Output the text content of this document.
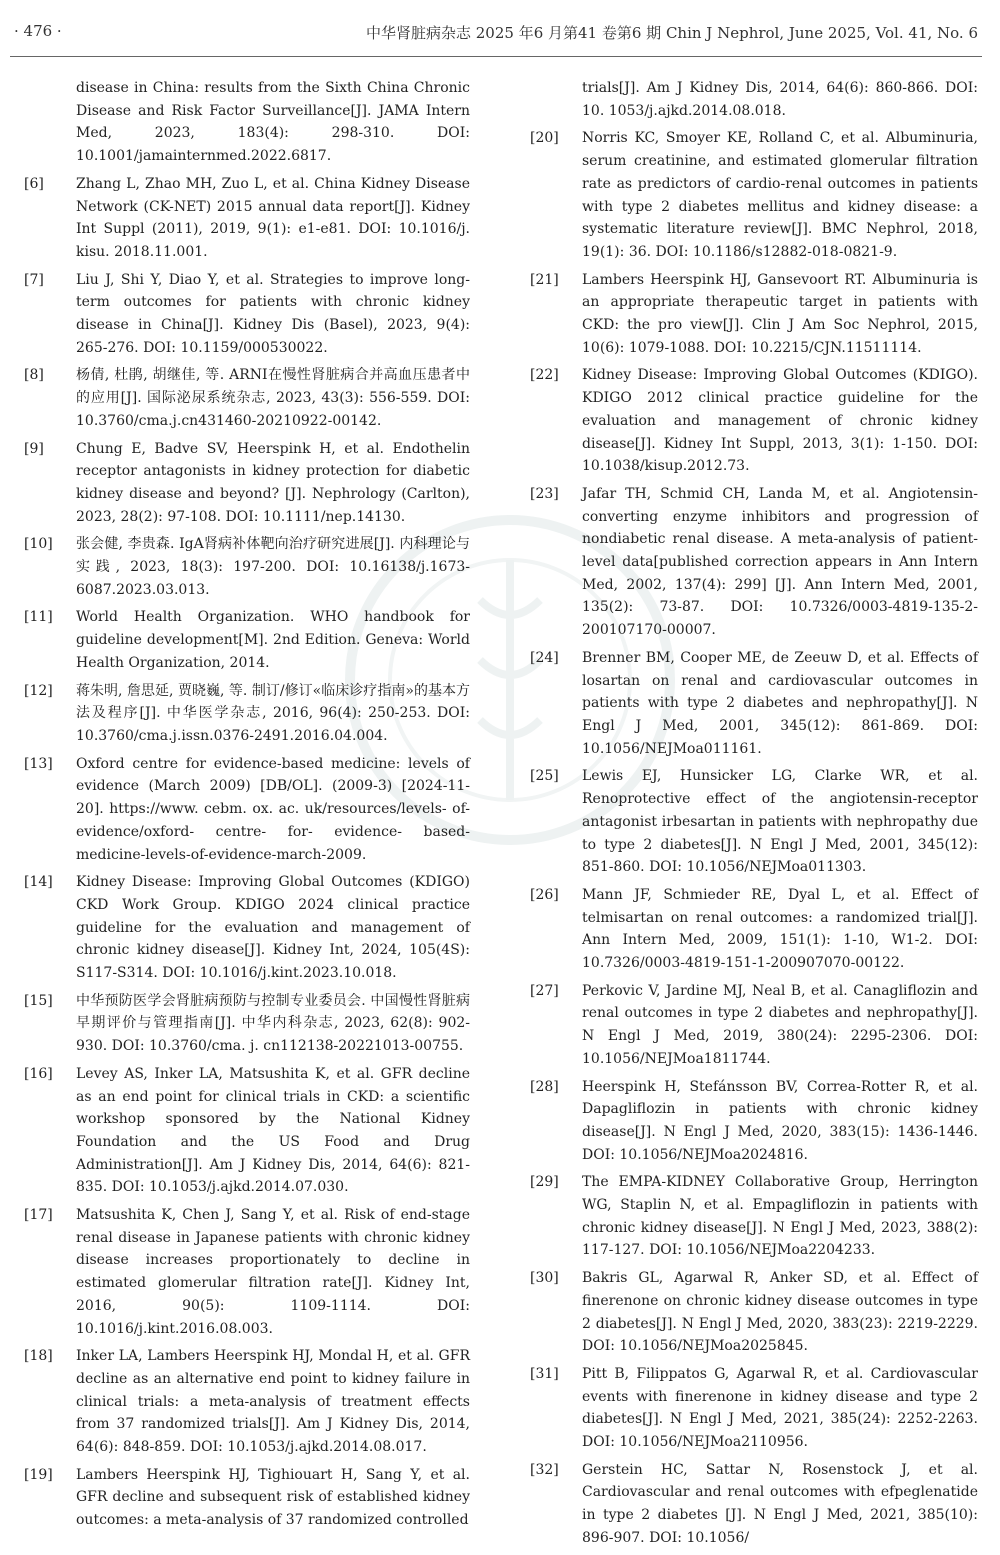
· 476 ·	中华肾脏病杂志 2025 年6 月第41 卷第6 期 Chin J Nephrol, June 2025, Vol. 41, No. 6
disease in China: results from the Sixth China Chronic Disease and Risk Factor Surveillance[J]. JAMA Intern Med, 2023, 183(4): 298-310. DOI: 10.1001/jamainternmed.2022.6817.
[6]	Zhang L, Zhao MH, Zuo L, et al. China Kidney Disease Network (CK-NET) 2015 annual data report[J]. Kidney Int Suppl (2011), 2019, 9(1): e1-e81. DOI: 10.1016/j. kisu. 2018.11.001.
[7]	Liu J, Shi Y, Diao Y, et al. Strategies to improve long-term outcomes for patients with chronic kidney disease in China[J]. Kidney Dis (Basel), 2023, 9(4): 265-276. DOI: 10.1159/000530022.
[8]	杨倩, 杜鹃, 胡继佳, 等. ARNI在慢性肾脏病合并高血压患者中的应用[J]. 国际泌尿系统杂志, 2023, 43(3): 556-559. DOI: 10.3760/cma.j.cn431460-20210922-00142.
[9]	Chung E, Badve SV, Heerspink H, et al. Endothelin receptor antagonists in kidney protection for diabetic kidney disease and beyond? [J]. Nephrology (Carlton), 2023, 28(2): 97-108. DOI: 10.1111/nep.14130.
[10]	张会健, 李贵森. IgA肾病补体靶向治疗研究进展[J]. 内科理论与实践, 2023, 18(3): 197-200. DOI: 10.16138/j.1673-6087.2023.03.013.
[11]	World Health Organization. WHO handbook for guideline development[M]. 2nd Edition. Geneva: World Health Organization, 2014.
[12]	蒋朱明, 詹思延, 贾晓巍, 等. 制订/修订«临床诊疗指南»的基本方法及程序[J]. 中华医学杂志, 2016, 96(4): 250-253. DOI: 10.3760/cma.j.issn.0376-2491.2016.04.004.
[13]	Oxford centre for evidence-based medicine: levels of evidence (March 2009) [DB/OL]. (2009-3) [2024-11-20]. https://www. cebm. ox. ac. uk/resources/levels- of-evidence/oxford- centre- for- evidence- based- medicine-levels-of-evidence-march-2009.
[14]	Kidney Disease: Improving Global Outcomes (KDIGO) CKD Work Group. KDIGO 2024 clinical practice guideline for the evaluation and management of chronic kidney disease[J]. Kidney Int, 2024, 105(4S): S117-S314. DOI: 10.1016/j.kint.2023.10.018.
[15]	中华预防医学会肾脏病预防与控制专业委员会. 中国慢性肾脏病早期评价与管理指南[J]. 中华内科杂志, 2023, 62(8): 902-930. DOI: 10.3760/cma. j. cn112138-20221013-00755.
[16]	Levey AS, Inker LA, Matsushita K, et al. GFR decline as an end point for clinical trials in CKD: a scientific workshop sponsored by the National Kidney Foundation and the US Food and Drug Administration[J]. Am J Kidney Dis, 2014, 64(6): 821-835. DOI: 10.1053/j.ajkd.2014.07.030.
[17]	Matsushita K, Chen J, Sang Y, et al. Risk of end-stage renal disease in Japanese patients with chronic kidney disease increases proportionately to decline in estimated glomerular filtration rate[J]. Kidney Int, 2016, 90(5): 1109-1114. DOI: 10.1016/j.kint.2016.08.003.
[18]	Inker LA, Lambers Heerspink HJ, Mondal H, et al. GFR decline as an alternative end point to kidney failure in clinical trials: a meta-analysis of treatment effects from 37 randomized trials[J]. Am J Kidney Dis, 2014, 64(6): 848-859. DOI: 10.1053/j.ajkd.2014.08.017.
[19]	Lambers Heerspink HJ, Tighiouart H, Sang Y, et al. GFR decline and subsequent risk of established kidney outcomes: a meta-analysis of 37 randomized controlled
trials[J]. Am J Kidney Dis, 2014, 64(6): 860-866. DOI: 10. 1053/j.ajkd.2014.08.018.
[20]	Norris KC, Smoyer KE, Rolland C, et al. Albuminuria, serum creatinine, and estimated glomerular filtration rate as predictors of cardio-renal outcomes in patients with type 2 diabetes mellitus and kidney disease: a systematic literature review[J]. BMC Nephrol, 2018, 19(1): 36. DOI: 10.1186/s12882-018-0821-9.
[21]	Lambers Heerspink HJ, Gansevoort RT. Albuminuria is an appropriate therapeutic target in patients with CKD: the pro view[J]. Clin J Am Soc Nephrol, 2015, 10(6): 1079-1088. DOI: 10.2215/CJN.11511114.
[22]	Kidney Disease: Improving Global Outcomes (KDIGO). KDIGO 2012 clinical practice guideline for the evaluation and management of chronic kidney disease[J]. Kidney Int Suppl, 2013, 3(1): 1-150. DOI: 10.1038/kisup.2012.73.
[23]	Jafar TH, Schmid CH, Landa M, et al. Angiotensin-converting enzyme inhibitors and progression of nondiabetic renal disease. A meta-analysis of patient-level data[published correction appears in Ann Intern Med, 2002, 137(4): 299] [J]. Ann Intern Med, 2001, 135(2): 73-87. DOI: 10.7326/0003-4819-135-2-200107170-00007.
[24]	Brenner BM, Cooper ME, de Zeeuw D, et al. Effects of losartan on renal and cardiovascular outcomes in patients with type 2 diabetes and nephropathy[J]. N Engl J Med, 2001, 345(12): 861-869. DOI: 10.1056/NEJMoa011161.
[25]	Lewis EJ, Hunsicker LG, Clarke WR, et al. Renoprotective effect of the angiotensin-receptor antagonist irbesartan in patients with nephropathy due to type 2 diabetes[J]. N Engl J Med, 2001, 345(12): 851-860. DOI: 10.1056/NEJMoa011303.
[26]	Mann JF, Schmieder RE, Dyal L, et al. Effect of telmisartan on renal outcomes: a randomized trial[J]. Ann Intern Med, 2009, 151(1): 1-10, W1-2. DOI: 10.7326/0003-4819-151-1-200907070-00122.
[27]	Perkovic V, Jardine MJ, Neal B, et al. Canagliflozin and renal outcomes in type 2 diabetes and nephropathy[J]. N Engl J Med, 2019, 380(24): 2295-2306. DOI: 10.1056/NEJMoa1811744.
[28]	Heerspink H, Stefánsson BV, Correa-Rotter R, et al. Dapagliflozin in patients with chronic kidney disease[J]. N Engl J Med, 2020, 383(15): 1436-1446. DOI: 10.1056/NEJMoa2024816.
[29]	The EMPA-KIDNEY Collaborative Group, Herrington WG, Staplin N, et al. Empagliflozin in patients with chronic kidney disease[J]. N Engl J Med, 2023, 388(2): 117-127. DOI: 10.1056/NEJMoa2204233.
[30]	Bakris GL, Agarwal R, Anker SD, et al. Effect of finerenone on chronic kidney disease outcomes in type 2 diabetes[J]. N Engl J Med, 2020, 383(23): 2219-2229. DOI: 10.1056/NEJMoa2025845.
[31]	Pitt B, Filippatos G, Agarwal R, et al. Cardiovascular events with finerenone in kidney disease and type 2 diabetes[J]. N Engl J Med, 2021, 385(24): 2252-2263. DOI: 10.1056/NEJMoa2110956.
[32]	Gerstein HC, Sattar N, Rosenstock J, et al. Cardiovascular and renal outcomes with efpeglenatide in type 2 diabetes [J]. N Engl J Med, 2021, 385(10): 896-907. DOI: 10.1056/
